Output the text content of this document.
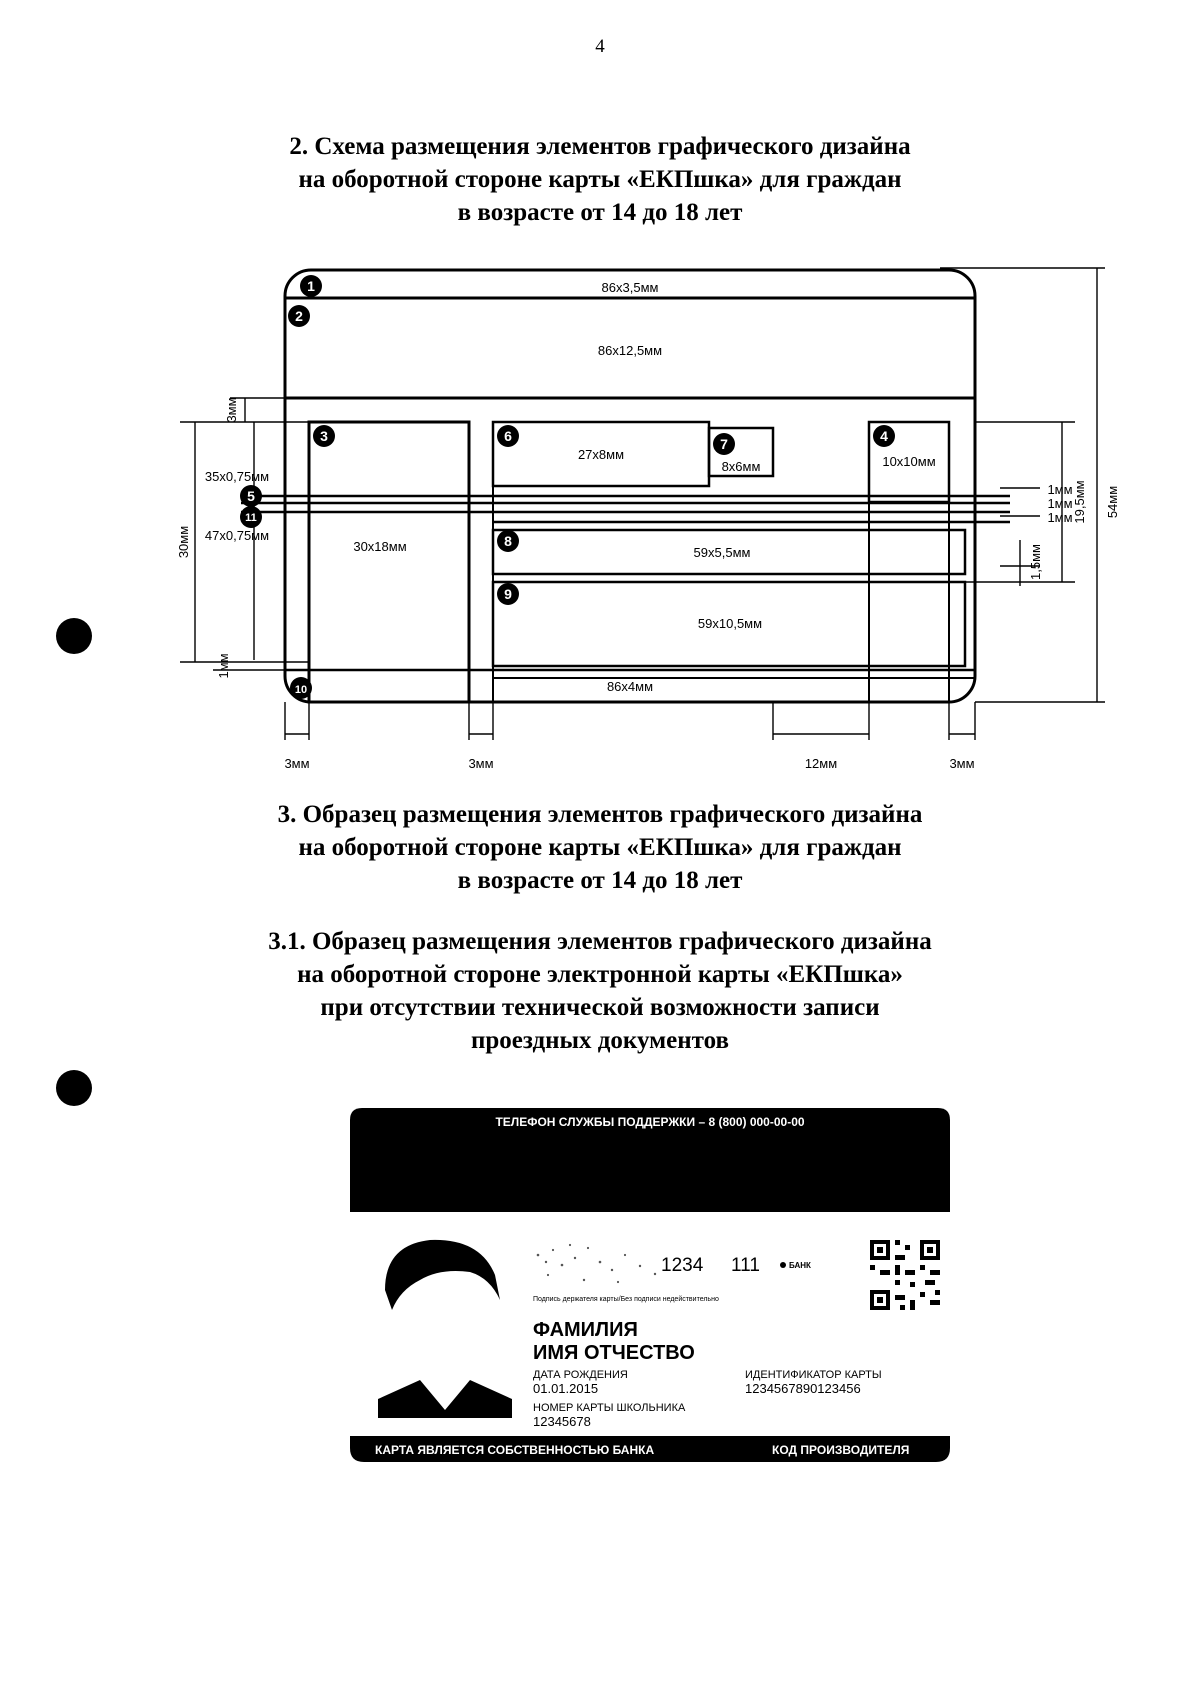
4
2. Схема размещения элементов графического дизайна
на оборотной стороне карты «ЕКПшка» для граждан
в возрасте от 14 до 18 лет
1
2
3	4
5
6	7
8
9
10
11
86x3,5мм
86x12,5мм
30x18мм
27x8мм
8x6мм	10x10мм
59x5,5мм
59x10,5мм
86x4мм
35x0,75мм
47x0,75мм
3мм	3мм	12мм	3мм
1мм
1мм
1мм
3мм
30мм
1мм
1,5мм
19,5мм 54мм
3. Образец размещения элементов графического дизайна
на оборотной стороне карты «ЕКПшка» для граждан
в возрасте от 14 до 18 лет
3.1. Образец размещения элементов графического дизайна
на оборотной стороне электронной карты «ЕКПшка»
при отсутствии технической возможности записи
проездных документов
ТЕЛЕФОН СЛУЖБЫ ПОДДЕРЖКИ – 8 (800) 000-00-00
1234 111	БАНК
Подпись держателя карты/Без подписи недействительно
ФАМИЛИЯ
ИМЯ ОТЧЕСТВО
ДАТА РОЖДЕНИЯ
01.01.2015
ИДЕНТИФИКАТОР КАРТЫ
1234567890123456
НОМЕР КАРТЫ ШКОЛЬНИКА
12345678
КАРТА ЯВЛЯЕТСЯ СОБСТВЕННОСТЬЮ БАНКА	КОД ПРОИЗВОДИТЕЛЯ
